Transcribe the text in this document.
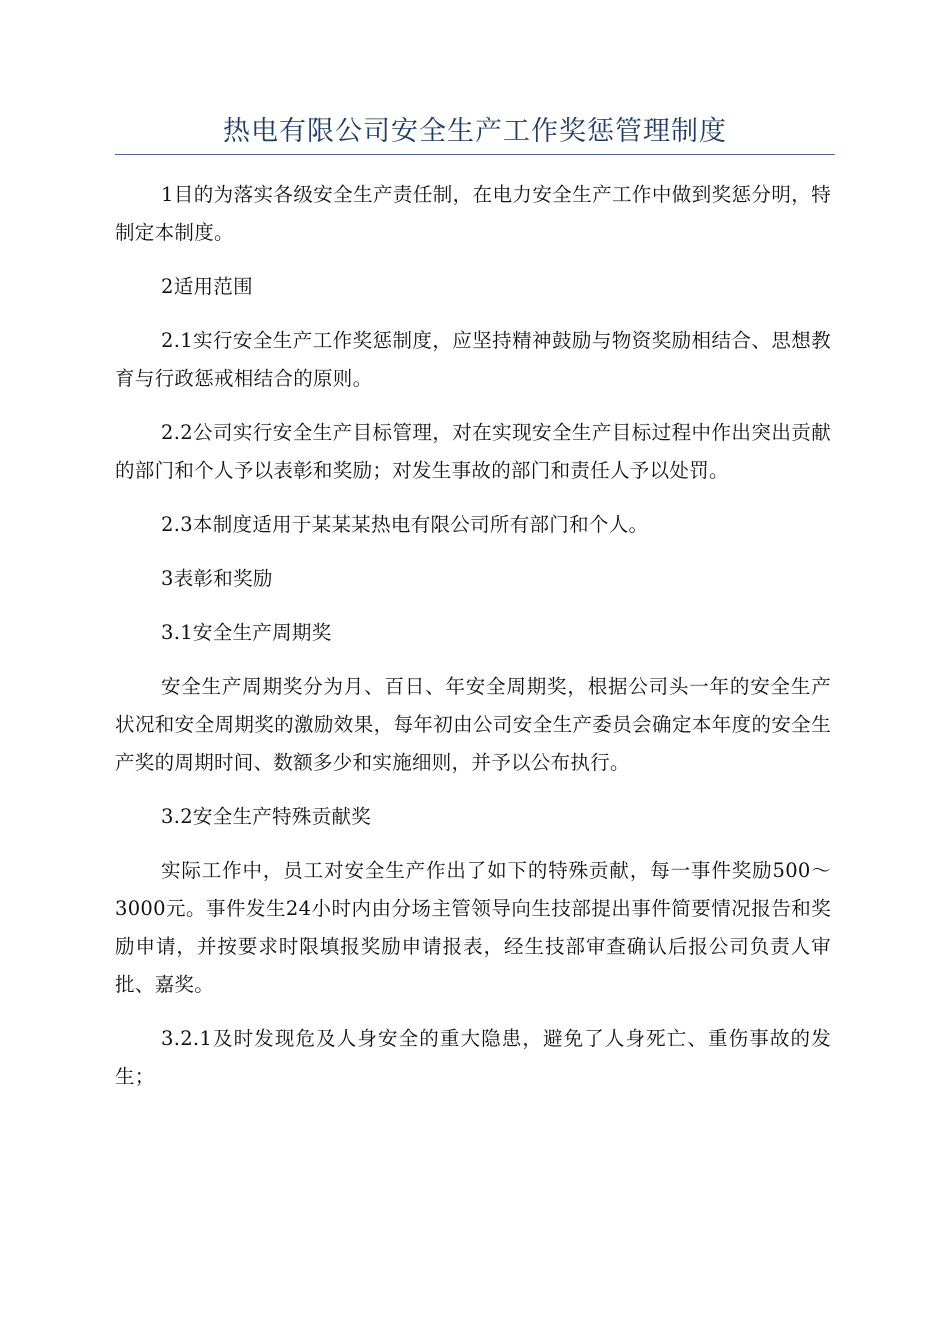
热电有限公司安全生产工作奖惩管理制度

1目的为落实各级安全生产责任制，在电力安全生产工作中做到奖惩分明，特制定本制度。

2适用范围

2.1实行安全生产工作奖惩制度，应坚持精神鼓励与物资奖励相结合、思想教育与行政惩戒相结合的原则。

2.2公司实行安全生产目标管理，对在实现安全生产目标过程中作出突出贡献的部门和个人予以表彰和奖励；对发生事故的部门和责任人予以处罚。

2.3本制度适用于某某某热电有限公司所有部门和个人。

3表彰和奖励

3.1安全生产周期奖

安全生产周期奖分为月、百日、年安全周期奖，根据公司头一年的安全生产状况和安全周期奖的激励效果，每年初由公司安全生产委员会确定本年度的安全生产奖的周期时间、数额多少和实施细则，并予以公布执行。

3.2安全生产特殊贡献奖

实际工作中，员工对安全生产作出了如下的特殊贡献，每一事件奖励500～3000元。事件发生24小时内由分场主管领导向生技部提出事件简要情况报告和奖励申请，并按要求时限填报奖励申请报表，经生技部审查确认后报公司负责人审批、嘉奖。

3.2.1及时发现危及人身安全的重大隐患，避免了人身死亡、重伤事故的发生；
